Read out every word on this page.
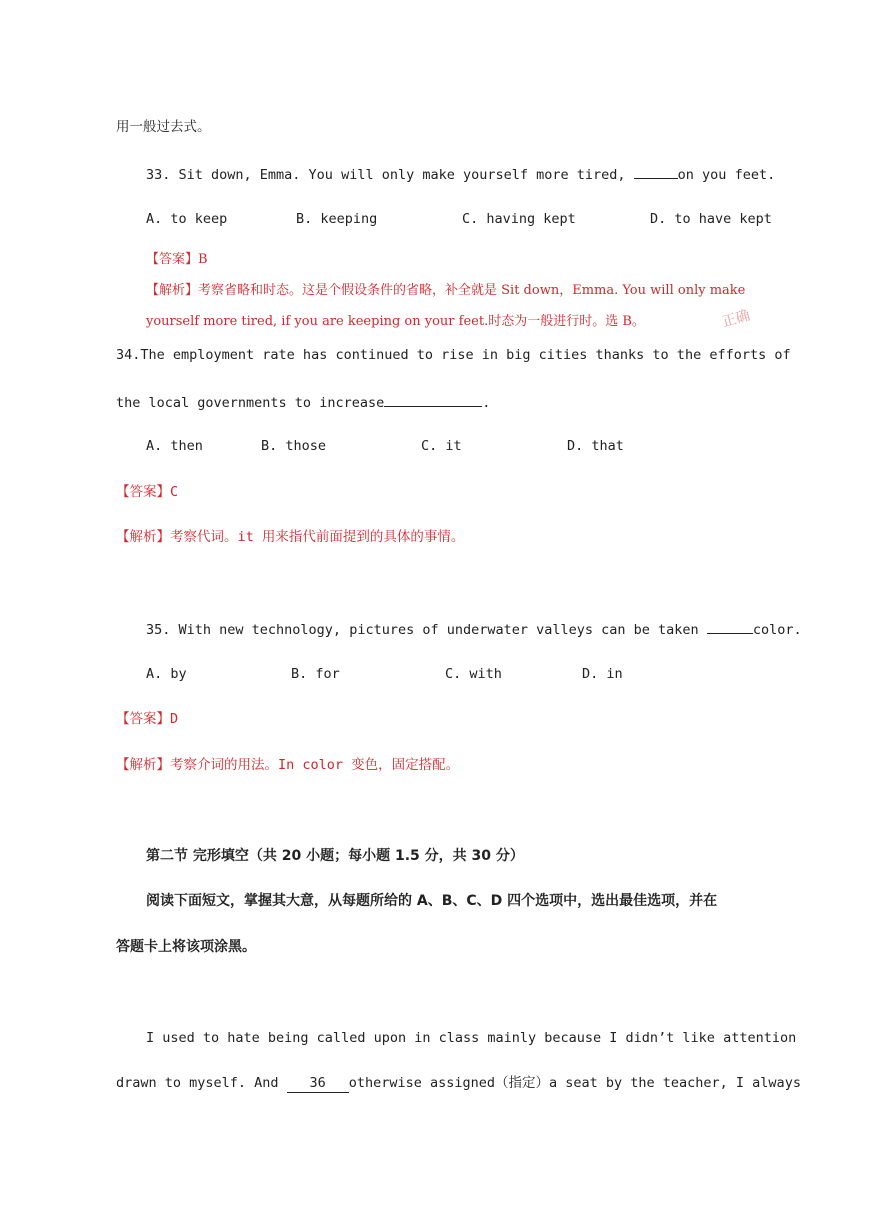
用一般过去式。
33. Sit down, Emma. You will only make yourself more tired,	on you feet.
A. to keep	B. keeping	C. having kept	D. to have kept
【答案】B
【解析】考察省略和时态。这是个假设条件的省略，补全就是 Sit down，Emma. You will only make
yourself more tired, if you are keeping on your feet.时态为一般进行时。选 B。	正确
34.The employment rate has continued to rise in big cities thanks to the efforts of
the local governments to increase	.
A. then	B. those	C. it	D. that
【答案】C
【解析】考察代词。it 用来指代前面提到的具体的事情。
35. With new technology, pictures of underwater valleys can be taken	color.
A. by	B. for	C. with	D. in
【答案】D
【解析】考察介词的用法。In color 变色，固定搭配。
第二节 完形填空（共 20 小题；每小题 1.5 分，共 30 分）
阅读下面短文，掌握其大意，从每题所给的 A、B、C、D 四个选项中，选出最佳选项，并在
答题卡上将该项涂黑。
I used to hate being called upon in class mainly because I didn’t like attention
drawn to myself. And 36 otherwise assigned（指定）a seat by the teacher, I always
